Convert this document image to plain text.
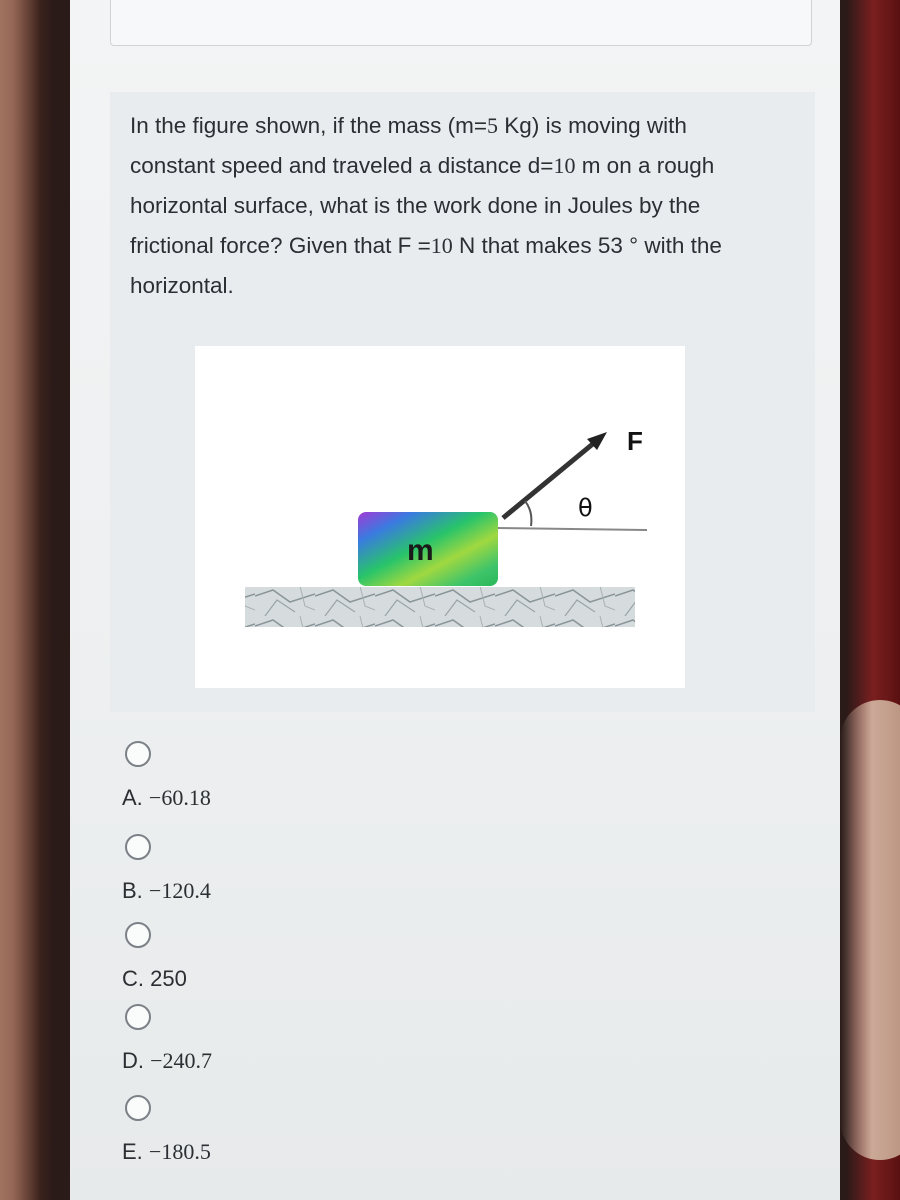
In the figure shown, if the mass (m=5 Kg) is moving with constant speed and traveled a distance d=10 m on a rough horizontal surface, what is the work done in Joules by the frictional force? Given that F =10 N that makes 53 ° with the horizontal.
F
θ
m
A. −60.18
B. −120.4
C. 250
D. −240.7
E. −180.5
